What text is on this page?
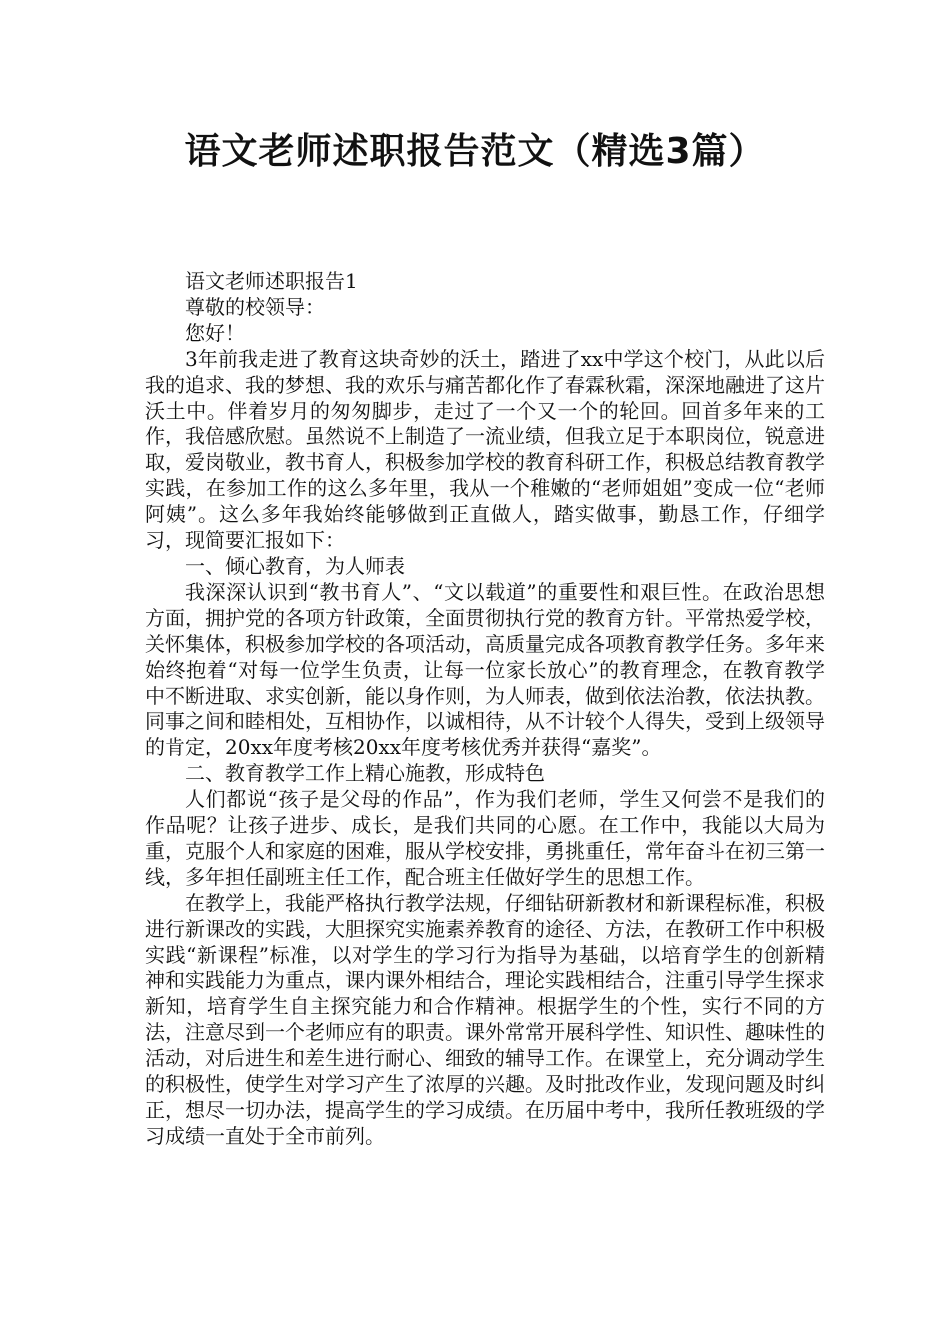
语文老师述职报告范文（精选3篇）

语文老师述职报告1

尊敬的校领导：

您好！

3年前我走进了教育这块奇妙的沃土，踏进了xx中学这个校门，从此以后我的追求、我的梦想、我的欢乐与痛苦都化作了春霖秋霜，深深地融进了这片沃土中。伴着岁月的匆匆脚步，走过了一个又一个的轮回。回首多年来的工作，我倍感欣慰。虽然说不上制造了一流业绩，但我立足于本职岗位，锐意进取，爱岗敬业，教书育人，积极参加学校的教育科研工作，积极总结教育教学实践，在参加工作的这么多年里，我从一个稚嫩的“老师姐姐”变成一位“老师阿姨”。这么多年我始终能够做到正直做人，踏实做事，勤恳工作，仔细学习，现简要汇报如下：

一、倾心教育，为人师表

我深深认识到“教书育人”、“文以载道”的重要性和艰巨性。在政治思想方面，拥护党的各项方针政策，全面贯彻执行党的教育方针。平常热爱学校，关怀集体，积极参加学校的各项活动，高质量完成各项教育教学任务。多年来始终抱着“对每一位学生负责，让每一位家长放心”的教育理念，在教育教学中不断进取、求实创新，能以身作则，为人师表，做到依法治教，依法执教。同事之间和睦相处，互相协作，以诚相待，从不计较个人得失，受到上级领导的肯定，20xx年度考核20xx年度考核优秀并获得“嘉奖”。

二、教育教学工作上精心施教，形成特色

人们都说“孩子是父母的作品”，作为我们老师，学生又何尝不是我们的作品呢？让孩子进步、成长，是我们共同的心愿。在工作中，我能以大局为重，克服个人和家庭的困难，服从学校安排，勇挑重任，常年奋斗在初三第一线，多年担任副班主任工作，配合班主任做好学生的思想工作。

在教学上，我能严格执行教学法规，仔细钻研新教材和新课程标准，积极进行新课改的实践，大胆探究实施素养教育的途径、方法，在教研工作中积极实践“新课程”标准，以对学生的学习行为指导为基础，以培育学生的创新精神和实践能力为重点，课内课外相结合，理论实践相结合，注重引导学生探求新知，培育学生自主探究能力和合作精神。根据学生的个性，实行不同的方法，注意尽到一个老师应有的职责。课外常常开展科学性、知识性、趣味性的活动，对后进生和差生进行耐心、细致的辅导工作。在课堂上，充分调动学生的积极性，使学生对学习产生了浓厚的兴趣。及时批改作业，发现问题及时纠正，想尽一切办法，提高学生的学习成绩。在历届中考中，我所任教班级的学习成绩一直处于全市前列。
